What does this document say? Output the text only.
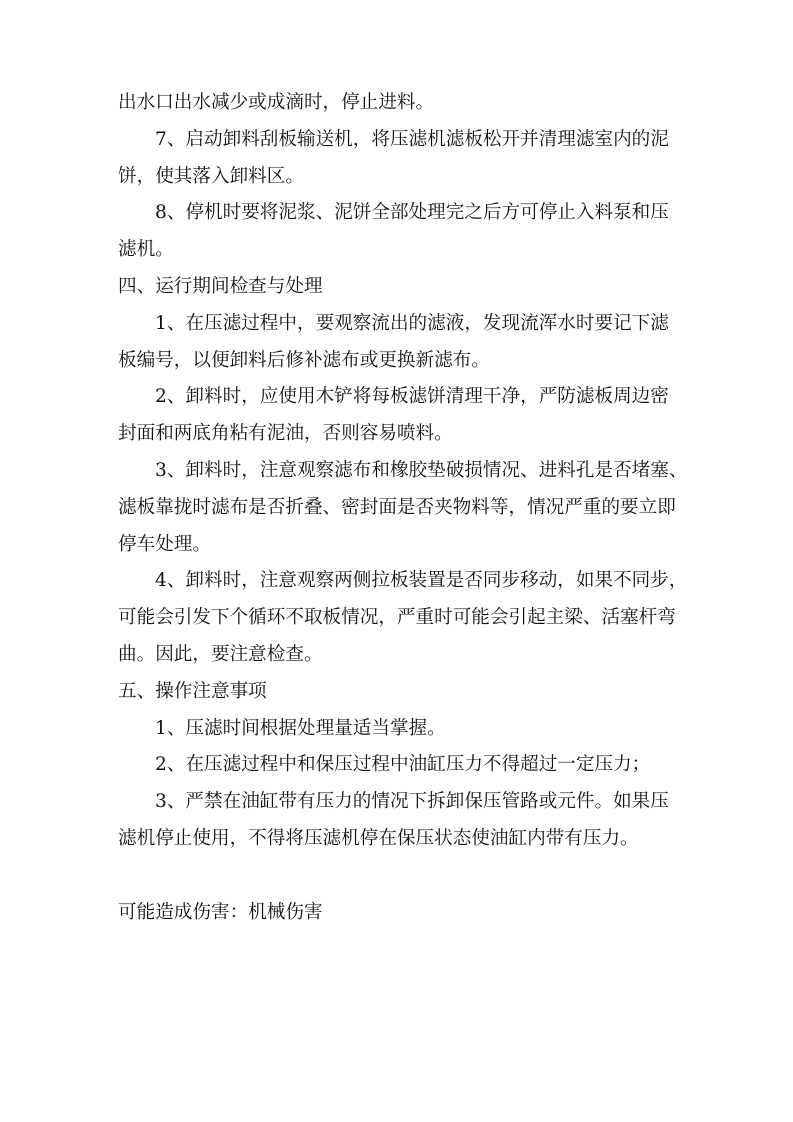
出水口出水减少或成滴时，停止进料。
7、启动卸料刮板输送机，将压滤机滤板松开并清理滤室内的泥
饼，使其落入卸料区。
8、停机时要将泥浆、泥饼全部处理完之后方可停止入料泵和压
滤机。
四、运行期间检查与处理
1、在压滤过程中，要观察流出的滤液，发现流浑水时要记下滤
板编号，以便卸料后修补滤布或更换新滤布。
2、卸料时，应使用木铲将每板滤饼清理干净，严防滤板周边密
封面和两底角粘有泥油，否则容易喷料。
3、卸料时，注意观察滤布和橡胶垫破损情况、进料孔是否堵塞、
滤板靠拢时滤布是否折叠、密封面是否夹物料等，情况严重的要立即
停车处理。
4、卸料时，注意观察两侧拉板装置是否同步移动，如果不同步，
可能会引发下个循环不取板情况，严重时可能会引起主梁、活塞杆弯
曲。因此，要注意检查。
五、操作注意事项
1、压滤时间根据处理量适当掌握。
2、在压滤过程中和保压过程中油缸压力不得超过一定压力；
3、严禁在油缸带有压力的情况下拆卸保压管路或元件。如果压
滤机停止使用，不得将压滤机停在保压状态使油缸内带有压力。
可能造成伤害：机械伤害
